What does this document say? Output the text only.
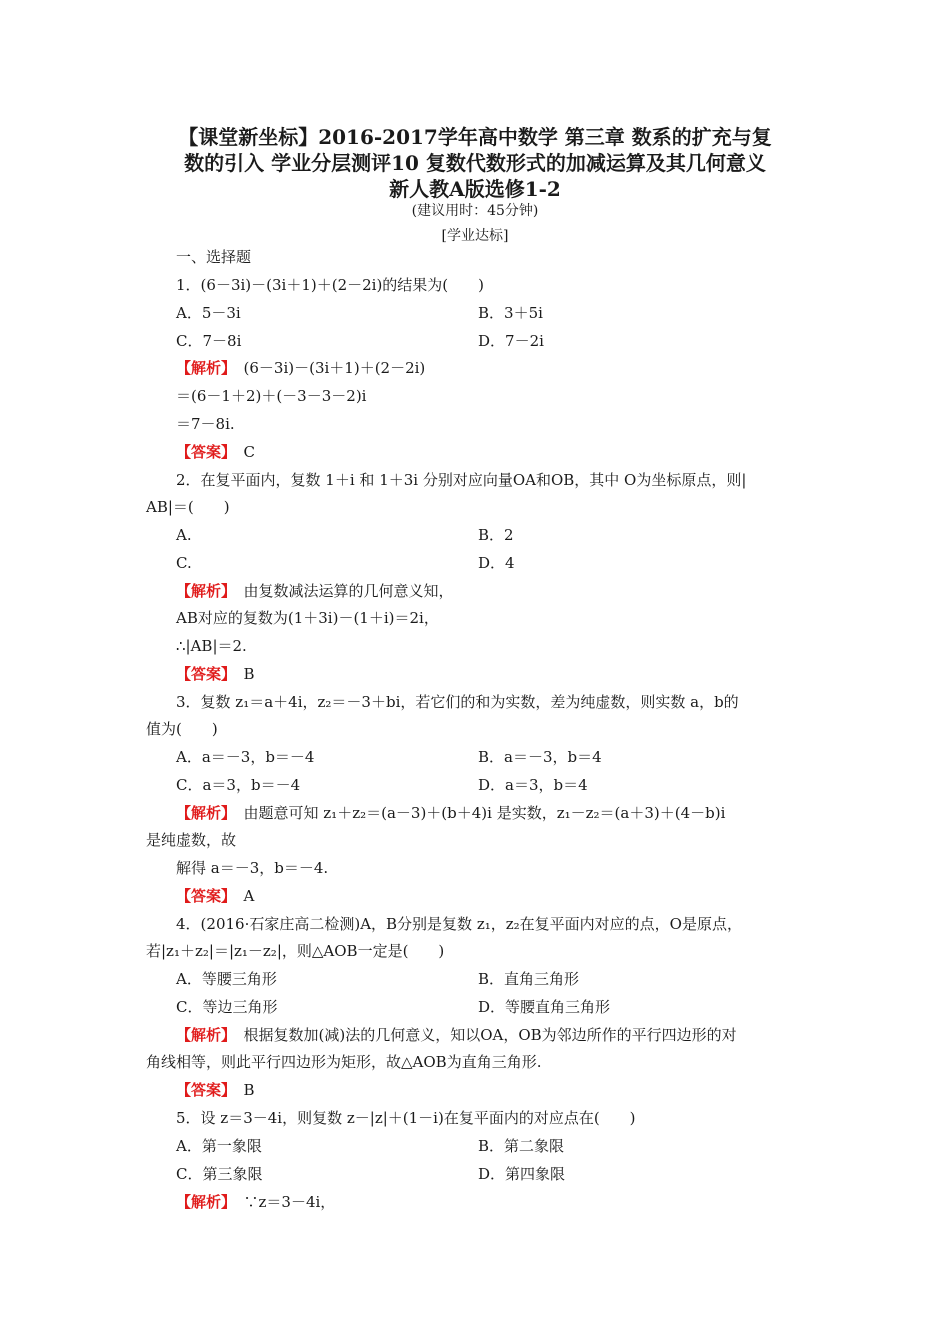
【课堂新坐标】2016-2017学年高中数学 第三章 数系的扩充与复
数的引入 学业分层测评10 复数代数形式的加减运算及其几何意义
新人教A版选修1-2
(建议用时：45分钟)
[学业达标]
一、选择题
1．(6－3i)－(3i＋1)＋(2－2i)的结果为(　　)
A．5－3i	B．3＋5i
C．7－8i	D．7－2i
【解析】　(6－3i)－(3i＋1)＋(2－2i)
＝(6－1＋2)＋(－3－3－2)i
＝7－8i.
【答案】　C
2．在复平面内，复数 1＋i 和 1＋3i 分别对应向量OA和OB，其中 O为坐标原点，则|
AB|＝(　　)
A.	B．2
C.	D．4
【解析】　由复数减法运算的几何意义知，
AB对应的复数为(1＋3i)－(1＋i)＝2i，
∴|AB|＝2.
【答案】　B
3．复数 z₁＝a＋4i，z₂＝－3＋bi，若它们的和为实数，差为纯虚数，则实数 a，b的
值为(　　)
A．a＝－3，b＝－4	B．a＝－3，b＝4
C．a＝3，b＝－4	D．a＝3，b＝4
【解析】　由题意可知 z₁＋z₂＝(a－3)＋(b＋4)i 是实数，z₁－z₂＝(a＋3)＋(4－b)i
是纯虚数，故
解得 a＝－3，b＝－4.
【答案】　A
4．(2016·石家庄高二检测)A，B分别是复数 z₁，z₂在复平面内对应的点，O是原点，
若|z₁＋z₂|＝|z₁－z₂|，则△AOB一定是(　　)
A．等腰三角形	B．直角三角形
C．等边三角形	D．等腰直角三角形
【解析】　根据复数加(减)法的几何意义，知以OA，OB为邻边所作的平行四边形的对
角线相等，则此平行四边形为矩形，故△AOB为直角三角形.
【答案】　B
5．设 z＝3－4i，则复数 z－|z|＋(1－i)在复平面内的对应点在(　　)
A．第一象限	B．第二象限
C．第三象限	D．第四象限
【解析】　∵z＝3－4i，
